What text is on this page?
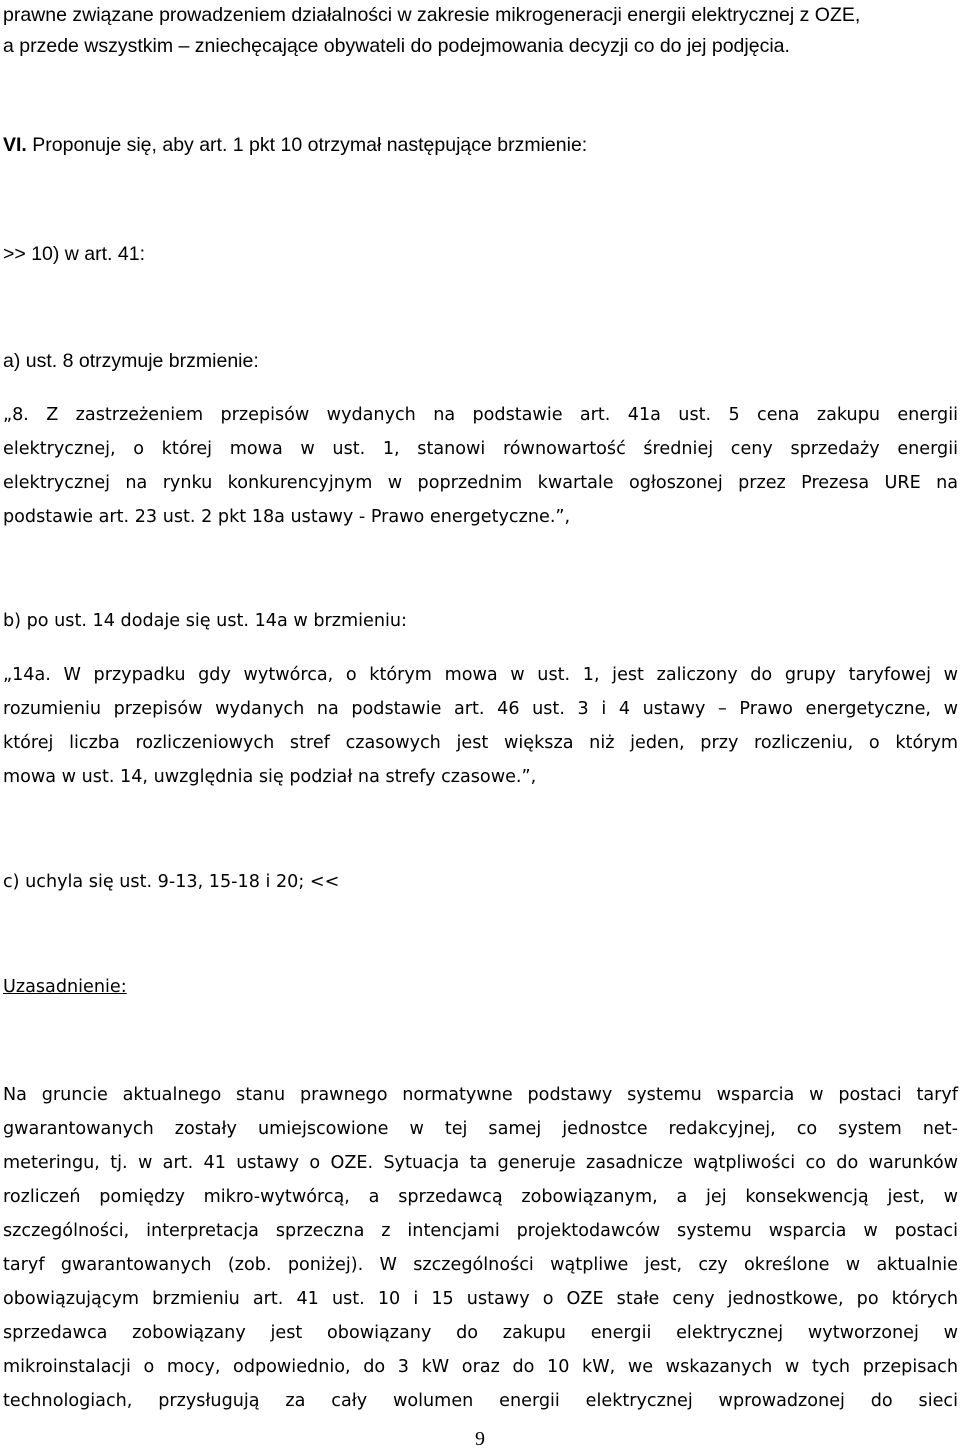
prawne związane prowadzeniem działalności w zakresie mikrogeneracji energii elektrycznej z OZE,
a przede wszystkim – zniechęcające obywateli do podejmowania decyzji co do jej podjęcia.
VI. Proponuje się, aby art. 1 pkt 10 otrzymał następujące brzmienie:
>> 10) w art. 41:
a) ust. 8 otrzymuje brzmienie:
„8. Z zastrzeżeniem przepisów wydanych na podstawie art. 41a ust. 5 cena zakupu energii
elektrycznej, o której mowa w ust. 1, stanowi równowartość średniej ceny sprzedaży energii
elektrycznej na rynku konkurencyjnym w poprzednim kwartale ogłoszonej przez Prezesa URE na
podstawie art. 23 ust. 2 pkt 18a ustawy - Prawo energetyczne.”,
b) po ust. 14 dodaje się ust. 14a w brzmieniu:
„14a. W przypadku gdy wytwórca, o którym mowa w ust. 1, jest zaliczony do grupy taryfowej w
rozumieniu przepisów wydanych na podstawie art. 46 ust. 3 i 4 ustawy – Prawo energetyczne, w
której liczba rozliczeniowych stref czasowych jest większa niż jeden, przy rozliczeniu, o którym
mowa w ust. 14, uwzględnia się podział na strefy czasowe.”,
c) uchyla się ust. 9-13, 15-18 i 20; <<
Uzasadnienie:
Na gruncie aktualnego stanu prawnego normatywne podstawy systemu wsparcia w postaci taryf
gwarantowanych zostały umiejscowione w tej samej jednostce redakcyjnej, co system net-
meteringu, tj. w art. 41 ustawy o OZE. Sytuacja ta generuje zasadnicze wątpliwości co do warunków
rozliczeń pomiędzy mikro-wytwórcą, a sprzedawcą zobowiązanym, a jej konsekwencją jest, w
szczególności, interpretacja sprzeczna z intencjami projektodawców systemu wsparcia w postaci
taryf gwarantowanych (zob. poniżej). W szczególności wątpliwe jest, czy określone w aktualnie
obowiązującym brzmieniu art. 41 ust. 10 i 15 ustawy o OZE stałe ceny jednostkowe, po których
sprzedawca zobowiązany jest obowiązany do zakupu energii elektrycznej wytworzonej w
mikroinstalacji o mocy, odpowiednio, do 3 kW oraz do 10 kW, we wskazanych w tych przepisach
technologiach, przysługują za cały wolumen energii elektrycznej wprowadzonej do sieci
9
